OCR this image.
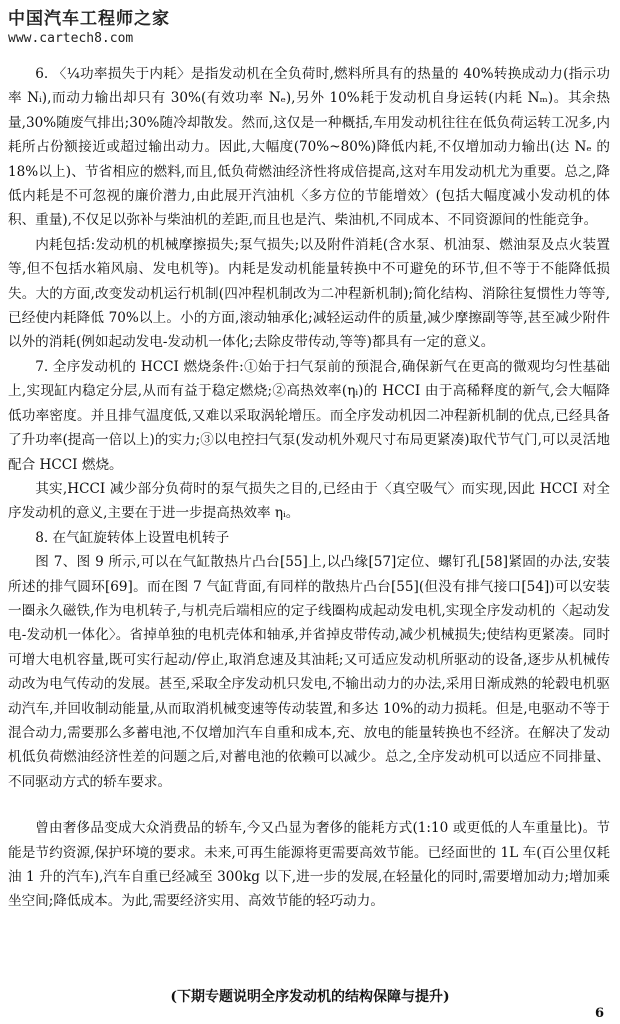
中国汽车工程师之家
www.cartech8.com

6. 〈¼功率损失于内耗〉是指发动机在全负荷时,燃料所具有的热量的 40%转换成动力(指示功率 Nᵢ),而动力输出却只有 30%(有效功率 Nₑ),另外 10%耗于发动机自身运转(内耗 Nₘ)。其余热量,30%随废气排出;30%随冷却散发。然而,这仅是一种概括,车用发动机往往在低负荷运转工况多,内耗所占份额接近或超过输出动力。因此,大幅度(70%~80%)降低内耗,不仅增加动力输出(达 Nₑ 的 18%以上)、节省相应的燃料,而且,低负荷燃油经济性将成倍提高,这对车用发动机尤为重要。总之,降低内耗是不可忽视的廉价潜力,由此展开汽油机〈多方位的节能增效〉(包括大幅度减小发动机的体积、重量),不仅足以弥补与柴油机的差距,而且也是汽、柴油机,不同成本、不同资源间的性能竞争。

内耗包括:发动机的机械摩擦损失;泵气损失;以及附件消耗(含水泵、机油泵、燃油泵及点火装置等,但不包括水箱风扇、发电机等)。内耗是发动机能量转换中不可避免的环节,但不等于不能降低损失。大的方面,改变发动机运行机制(四冲程机制改为二冲程新机制);简化结构、消除往复惯性力等等,已经使内耗降低 70%以上。小的方面,滚动轴承化;减轻运动件的质量,减少摩擦副等等,甚至减少附件以外的消耗(例如起动发电-发动机一体化;去除皮带传动,等等)都具有一定的意义。

7. 全序发动机的 HCCI 燃烧条件:①始于扫气泵前的预混合,确保新气在更高的微观均匀性基础上,实现缸内稳定分层,从而有益于稳定燃烧;②高热效率(ηᵢ)的 HCCI 由于高稀释度的新气,会大幅降低功率密度。并且排气温度低,又难以采取涡轮增压。而全序发动机因二冲程新机制的优点,已经具备了升功率(提高一倍以上)的实力;③以电控扫气泵(发动机外观尺寸布局更紧凑)取代节气门,可以灵活地配合 HCCI 燃烧。

其实,HCCI 减少部分负荷时的泵气损失之目的,已经由于〈真空吸气〉而实现,因此 HCCI 对全序发动机的意义,主要在于进一步提高热效率 ηᵢ。

8. 在气缸旋转体上设置电机转子

图 7、图 9 所示,可以在气缸散热片凸台[55]上,以凸缘[57]定位、螺钉孔[58]紧固的办法,安装所述的排气圆环[69]。而在图 7 气缸背面,有同样的散热片凸台[55](但没有排气接口[54])可以安装一圈永久磁铁,作为电机转子,与机壳后端相应的定子线圈构成起动发电机,实现全序发动机的〈起动发电-发动机一体化〉。省掉单独的电机壳体和轴承,并省掉皮带传动,减少机械损失;使结构更紧凑。同时可增大电机容量,既可实行起动/停止,取消怠速及其油耗;又可适应发动机所驱动的设备,逐步从机械传动改为电气传动的发展。甚至,采取全序发动机只发电,不输出动力的办法,采用日渐成熟的轮毂电机驱动汽车,并回收制动能量,从而取消机械变速等传动装置,和多达 10%的动力损耗。但是,电驱动不等于混合动力,需要那么多蓄电池,不仅增加汽车自重和成本,充、放电的能量转换也不经济。在解决了发动机低负荷燃油经济性差的问题之后,对蓄电池的依赖可以减少。总之,全序发动机可以适应不同排量、不同驱动方式的轿车要求。

曾由奢侈品变成大众消费品的轿车,今又凸显为奢侈的能耗方式(1:10 或更低的人车重量比)。节能是节约资源,保护环境的要求。未来,可再生能源将更需要高效节能。已经面世的 1L 车(百公里仅耗油 1 升的汽车),汽车自重已经减至 300kg 以下,进一步的发展,在轻量化的同时,需要增加动力;增加乘坐空间;降低成本。为此,需要经济实用、高效节能的轻巧动力。

(下期专题说明全序发动机的结构保障与提升)
6
